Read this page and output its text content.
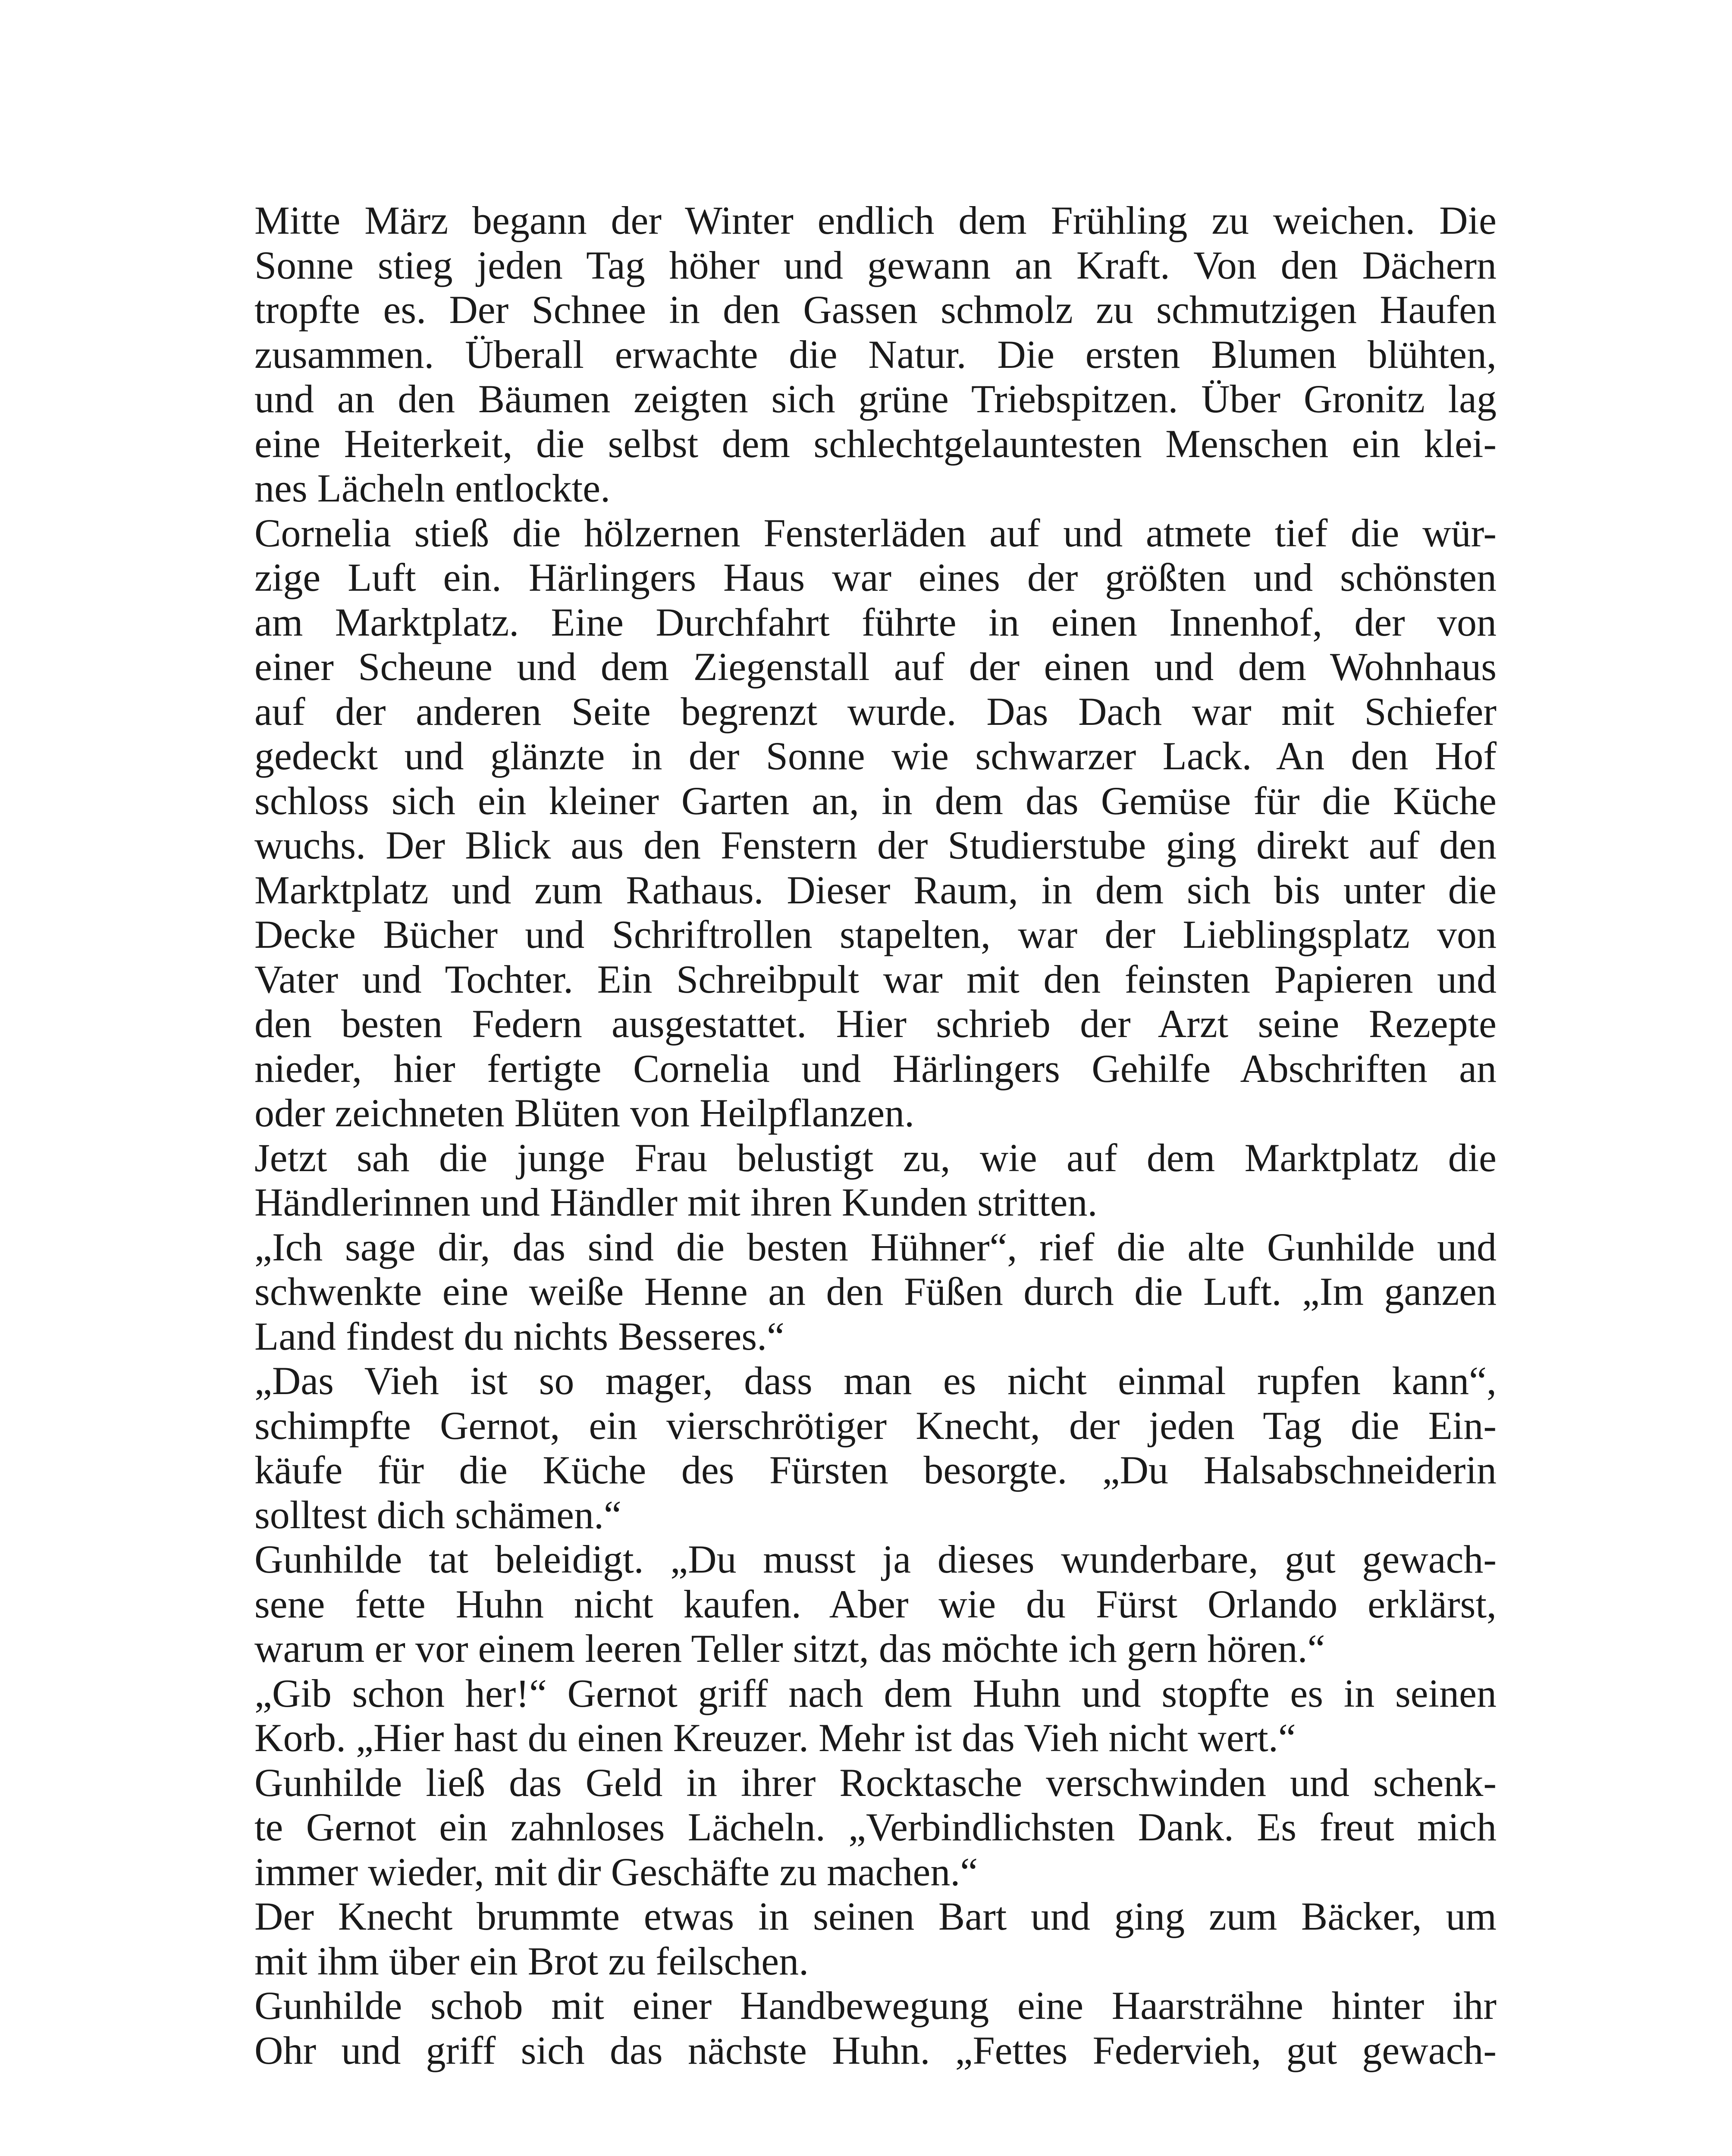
Mitte März begann der Winter endlich dem Frühling zu weichen. Die
Sonne stieg jeden Tag höher und gewann an Kraft. Von den Dächern
tropfte es. Der Schnee in den Gassen schmolz zu schmutzigen Haufen
zusammen. Überall erwachte die Natur. Die ersten Blumen blühten,
und an den Bäumen zeigten sich grüne Triebspitzen. Über Gronitz lag
eine Heiterkeit, die selbst dem schlechtgelauntesten Menschen ein klei-
nes Lächeln entlockte.
Cornelia stieß die hölzernen Fensterläden auf und atmete tief die wür-
zige Luft ein. Härlingers Haus war eines der größten und schönsten
am Marktplatz. Eine Durchfahrt führte in einen Innenhof, der von
einer Scheune und dem Ziegenstall auf der einen und dem Wohnhaus
auf der anderen Seite begrenzt wurde. Das Dach war mit Schiefer
gedeckt und glänzte in der Sonne wie schwarzer Lack. An den Hof
schloss sich ein kleiner Garten an, in dem das Gemüse für die Küche
wuchs. Der Blick aus den Fenstern der Studierstube ging direkt auf den
Marktplatz und zum Rathaus. Dieser Raum, in dem sich bis unter die
Decke Bücher und Schriftrollen stapelten, war der Lieblingsplatz von
Vater und Tochter. Ein Schreibpult war mit den feinsten Papieren und
den besten Federn ausgestattet. Hier schrieb der Arzt seine Rezepte
nieder, hier fertigte Cornelia und Härlingers Gehilfe Abschriften an
oder zeichneten Blüten von Heilpflanzen.
Jetzt sah die junge Frau belustigt zu, wie auf dem Marktplatz die
Händlerinnen und Händler mit ihren Kunden stritten.
„Ich sage dir, das sind die besten Hühner“, rief die alte Gunhilde und
schwenkte eine weiße Henne an den Füßen durch die Luft. „Im ganzen
Land findest du nichts Besseres.“
„Das Vieh ist so mager, dass man es nicht einmal rupfen kann“,
schimpfte Gernot, ein vierschrötiger Knecht, der jeden Tag die Ein-
käufe für die Küche des Fürsten besorgte. „Du Halsabschneiderin
solltest dich schämen.“
Gunhilde tat beleidigt. „Du musst ja dieses wunderbare, gut gewach-
sene fette Huhn nicht kaufen. Aber wie du Fürst Orlando erklärst,
warum er vor einem leeren Teller sitzt, das möchte ich gern hören.“
„Gib schon her!“ Gernot griff nach dem Huhn und stopfte es in seinen
Korb. „Hier hast du einen Kreuzer. Mehr ist das Vieh nicht wert.“
Gunhilde ließ das Geld in ihrer Rocktasche verschwinden und schenk-
te Gernot ein zahnloses Lächeln. „Verbindlichsten Dank. Es freut mich
immer wieder, mit dir Geschäfte zu machen.“
Der Knecht brummte etwas in seinen Bart und ging zum Bäcker, um
mit ihm über ein Brot zu feilschen.
Gunhilde schob mit einer Handbewegung eine Haarsträhne hinter ihr
Ohr und griff sich das nächste Huhn. „Fettes Federvieh, gut gewach-
